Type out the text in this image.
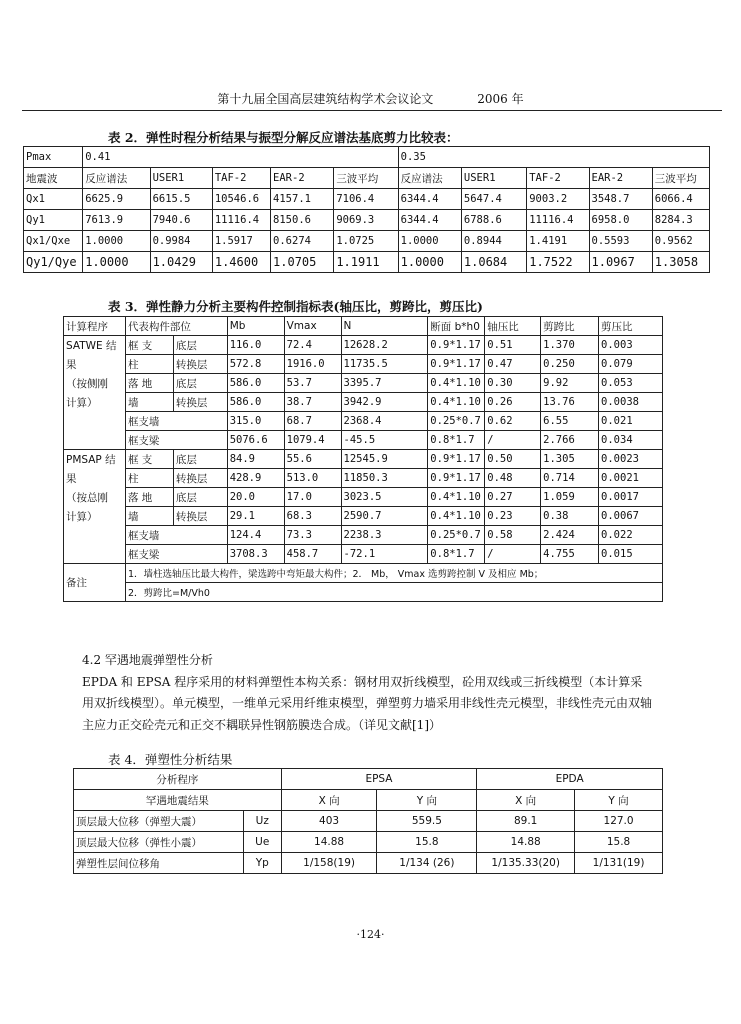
第十九届全国高层建筑结构学术会议论文	2006 年
表 2．弹性时程分析结果与振型分解反应谱法基底剪力比较表：
Pmax	0.41					0.35				
地震波	反应谱法	USER1	TAF-2	EAR-2	三波平均	反应谱法	USER1	TAF-2	EAR-2	三波平均
Qx1	6625.9	6615.5	10546.6	4157.1	7106.4	6344.4	5647.4	9003.2	3548.7	6066.4
Qy1	7613.9	7940.6	11116.4	8150.6	9069.3	6344.4	6788.6	11116.4	6958.0	8284.3
Qx1/Qxe	1.0000	0.9984	1.5917	0.6274	1.0725	1.0000	0.8944	1.4191	0.5593	0.9562
Qy1/Qye	1.0000	1.0429	1.4600	1.0705	1.1911	1.0000	1.0684	1.7522	1.0967	1.3058
表 3．弹性静力分析主要构件控制指标表(轴压比，剪跨比，剪压比)
计算程序	代表构件部位		Mb	Vmax	N	断面 b*h0	轴压比	剪跨比	剪压比
SATWE 结	框 支	底层	116.0	72.4	12628.2	0.9*1.17	0.51	1.370	0.003
果	柱	转换层	572.8	1916.0	11735.5	0.9*1.17	0.47	0.250	0.079
（按侧刚	落 地	底层	586.0	53.7	3395.7	0.4*1.10	0.30	9.92	0.053
计算）	墙	转换层	586.0	38.7	3942.9	0.4*1.10	0.26	13.76	0.0038
	框支墙		315.0	68.7	2368.4	0.25*0.7	0.62	6.55	0.021
	框支梁		5076.6	1079.4	-45.5	0.8*1.7	/	2.766	0.034
PMSAP 结	框 支	底层	84.9	55.6	12545.9	0.9*1.17	0.50	1.305	0.0023
果	柱	转换层	428.9	513.0	11850.3	0.9*1.17	0.48	0.714	0.0021
（按总刚	落 地	底层	20.0	17.0	3023.5	0.4*1.10	0.27	1.059	0.0017
计算）	墙	转换层	29.1	68.3	2590.7	0.4*1.10	0.23	0.38	0.0067
	框支墙		124.4	73.3	2238.3	0.25*0.7	0.58	2.424	0.022
	框支梁		3708.3	458.7	-72.1	0.8*1.7	/	4.755	0.015
备注	1．墙柱选轴压比最大构件，梁选跨中弯矩最大构件；2． Mb， Vmax 选剪跨控制 V 及相应 Mb；								
	2．剪跨比=M/Vh0								
4.2 罕遇地震弹塑性分析
EPDA 和 EPSA 程序采用的材料弹塑性本构关系：钢材用双折线模型，砼用双线或三折线模型（本计算采用双折线模型）。单元模型，一维单元采用纤维束模型，弹塑剪力墙采用非线性壳元模型，非线性壳元由双轴主应力正交砼壳元和正交不耦联异性钢筋膜迭合成。（详见文献[1]）
表 4．弹塑性分析结果
分析程序		EPSA		EPDA	
罕遇地震结果		X 向	Y 向	X 向	Y 向
顶层最大位移（弹塑大震）	Uz	403	559.5	89.1	127.0
顶层最大位移（弹性小震）	Ue	14.88	15.8	14.88	15.8
弹塑性层间位移角	Yp	1/158(19)	1/134 (26)	1/135.33(20)	1/131(19)
·124·
